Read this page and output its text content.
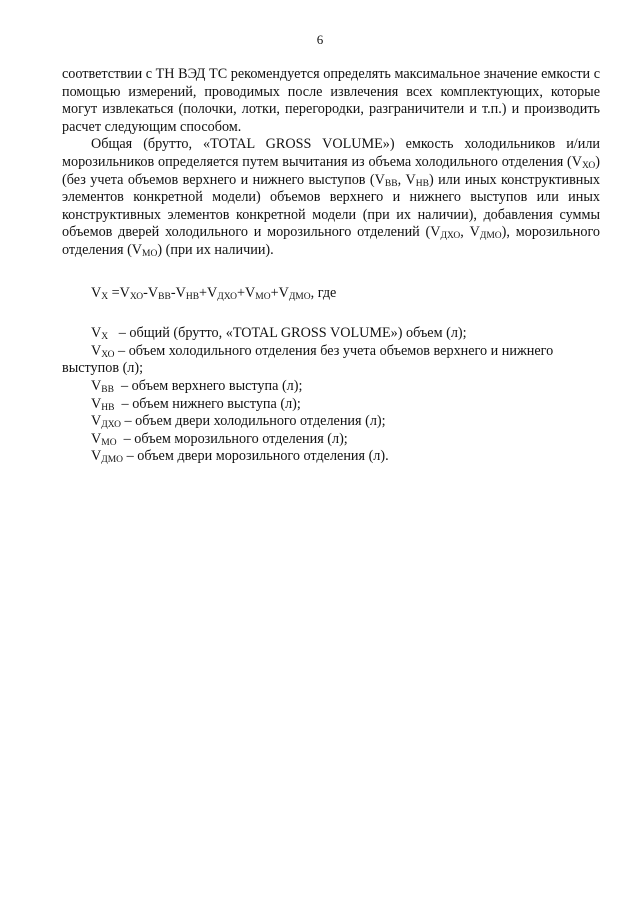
6

соответствии с ТН ВЭД ТС рекомендуется определять максимальное значение емкости с помощью измерений, проводимых после извлечения всех комплектующих, которые могут извлекаться (полочки, лотки, перегородки, разграничители и т.п.) и производить расчет следующим способом.

Общая (брутто, «TOTAL GROSS VOLUME») емкость холодильников и/или морозильников определяется путем вычитания из объема холодильного отделения $(V_{ХО})$ (без учета объемов верхнего и нижнего выступов ($V_{ВВ}$, $V_{НВ}$) или иных конструктивных элементов конкретной модели) объемов верхнего и нижнего выступов или иных конструктивных элементов конкретной модели (при их наличии), добавления суммы объемов дверей холодильного и морозильного отделений ($V_{ДХО}$, $V_{ДМО}$), морозильного отделения $(V_{МО})$ (при их наличии).

$V_Х =V_{ХО}-V_{ВВ}-V_{НВ}+V_{ДХО}+V_{МО}+V_{ДМО}$, где

$V_Х$   – общий (брутто, «TOTAL GROSS VOLUME») объем (л);

$V_{ХО}$ – объем холодильного отделения без учета объемов верхнего и нижнего выступов (л);

$V_{ВВ}$  – объем верхнего выступа (л);

$V_{НВ}$  – объем нижнего выступа (л);

$V_{ДХО}$ – объем двери холодильного отделения (л);

$V_{МО}$  – объем морозильного отделения (л);

$V_{ДМО}$ – объем двери морозильного отделения (л).
